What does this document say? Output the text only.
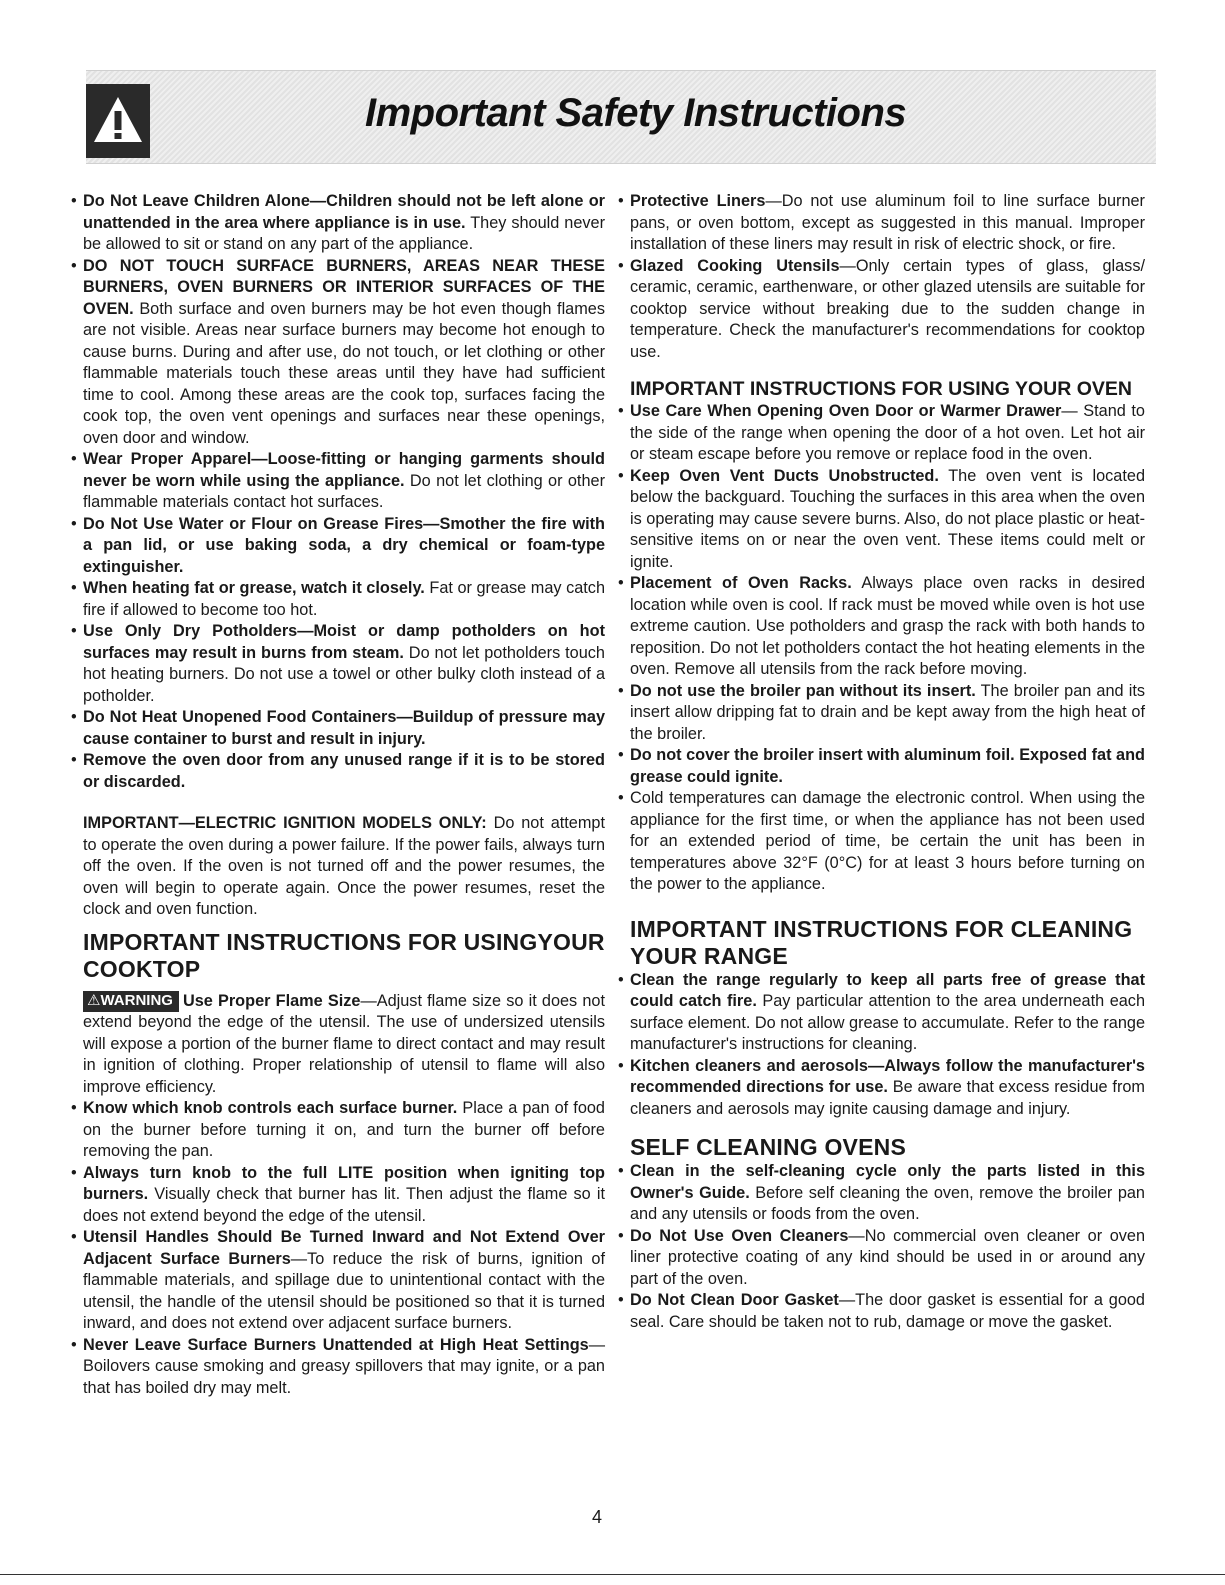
Important Safety Instructions

• Do Not Leave Children Alone—Children should not be left alone or unattended in the area where appliance is in use. They should never be allowed to sit or stand on any part of the appliance.

• DO NOT TOUCH SURFACE BURNERS, AREAS NEAR THESE BURNERS, OVEN BURNERS OR INTERIOR SURFACES OF THE OVEN. Both surface and oven burners may be hot even though flames are not visible. Areas near surface burners may become hot enough to cause burns. During and after use, do not touch, or let clothing or other flammable materials touch these areas until they have had sufficient time to cool. Among these areas are the cook top, surfaces facing the cook top, the oven vent openings and surfaces near these openings, oven door and window.

• Wear Proper Apparel—Loose-fitting or hanging garments should never be worn while using the appliance. Do not let clothing or other flammable materials contact hot surfaces.

• Do Not Use Water or Flour on Grease Fires—Smother the fire with a pan lid, or use baking soda, a dry chemical or foam-type extinguisher.

• When heating fat or grease, watch it closely. Fat or grease may catch fire if allowed to become too hot.

• Use Only Dry Potholders—Moist or damp potholders on hot surfaces may result in burns from steam. Do not let potholders touch hot heating burners. Do not use a towel or other bulky cloth instead of a potholder.

• Do Not Heat Unopened Food Containers—Buildup of pressure may cause container to burst and result in injury.

• Remove the oven door from any unused range if it is to be stored or discarded.

IMPORTANT—ELECTRIC IGNITION MODELS ONLY: Do not attempt to operate the oven during a power failure. If the power fails, always turn off the oven. If the oven is not turned off and the power resumes, the oven will begin to operate again. Once the power resumes, reset the clock and oven function.

IMPORTANT INSTRUCTIONS FOR USINGYOUR COOKTOP

⚠WARNING Use Proper Flame Size—Adjust flame size so it does not extend beyond the edge of the utensil. The use of undersized utensils will expose a portion of the burner flame to direct contact and may result in ignition of clothing. Proper relationship of utensil to flame will also improve efficiency.

• Know which knob controls each surface burner. Place a pan of food on the burner before turning it on, and turn the burner off before removing the pan.

• Always turn knob to the full LITE position when igniting top burners. Visually check that burner has lit. Then adjust the flame so it does not extend beyond the edge of the utensil.

• Utensil Handles Should Be Turned Inward and Not Extend Over Adjacent Surface Burners—To reduce the risk of burns, ignition of flammable materials, and spillage due to unintentional contact with the utensil, the handle of the utensil should be positioned so that it is turned inward, and does not extend over adjacent surface burners.

• Never Leave Surface Burners Unattended at High Heat Settings—Boilovers cause smoking and greasy spillovers that may ignite, or a pan that has boiled dry may melt.

• Protective Liners—Do not use aluminum foil to line surface burner pans, or oven bottom, except as suggested in this manual. Improper installation of these liners may result in risk of electric shock, or fire.

• Glazed Cooking Utensils—Only certain types of glass, glass/ ceramic, ceramic, earthenware, or other glazed utensils are suitable for cooktop service without breaking due to the sudden change in temperature. Check the manufacturer's recommendations for cooktop use.

IMPORTANT INSTRUCTIONS FOR USING YOUR OVEN

• Use Care When Opening Oven Door or Warmer Drawer— Stand to the side of the range when opening the door of a hot oven. Let hot air or steam escape before you remove or replace food in the oven.

• Keep Oven Vent Ducts Unobstructed. The oven vent is located below the backguard. Touching the surfaces in this area when the oven is operating may cause severe burns. Also, do not place plastic or heat-sensitive items on or near the oven vent. These items could melt or ignite.

• Placement of Oven Racks. Always place oven racks in desired location while oven is cool. If rack must be moved while oven is hot use extreme caution. Use potholders and grasp the rack with both hands to reposition. Do not let potholders contact the hot heating elements in the oven. Remove all utensils from the rack before moving.

• Do not use the broiler pan without its insert. The broiler pan and its insert allow dripping fat to drain and be kept away from the high heat of the broiler.

• Do not cover the broiler insert with aluminum foil. Exposed fat and grease could ignite.

• Cold temperatures can damage the electronic control. When using the appliance for the first time, or when the appliance has not been used for an extended period of time, be certain the unit has been in temperatures above 32°F (0°C) for at least 3 hours before turning on the power to the appliance.

IMPORTANT INSTRUCTIONS FOR CLEANING YOUR RANGE

• Clean the range regularly to keep all parts free of grease that could catch fire. Pay particular attention to the area underneath each surface element. Do not allow grease to accumulate. Refer to the range manufacturer's instructions for cleaning.

• Kitchen cleaners and aerosols—Always follow the manufacturer's recommended directions for use. Be aware that excess residue from cleaners and aerosols may ignite causing damage and injury.

SELF CLEANING OVENS

• Clean in the self-cleaning cycle only the parts listed in this Owner's Guide. Before self cleaning the oven, remove the broiler pan and any utensils or foods from the oven.

• Do Not Use Oven Cleaners—No commercial oven cleaner or oven liner protective coating of any kind should be used in or around any part of the oven.

• Do Not Clean Door Gasket—The door gasket is essential for a good seal. Care should be taken not to rub, damage or move the gasket.

4
